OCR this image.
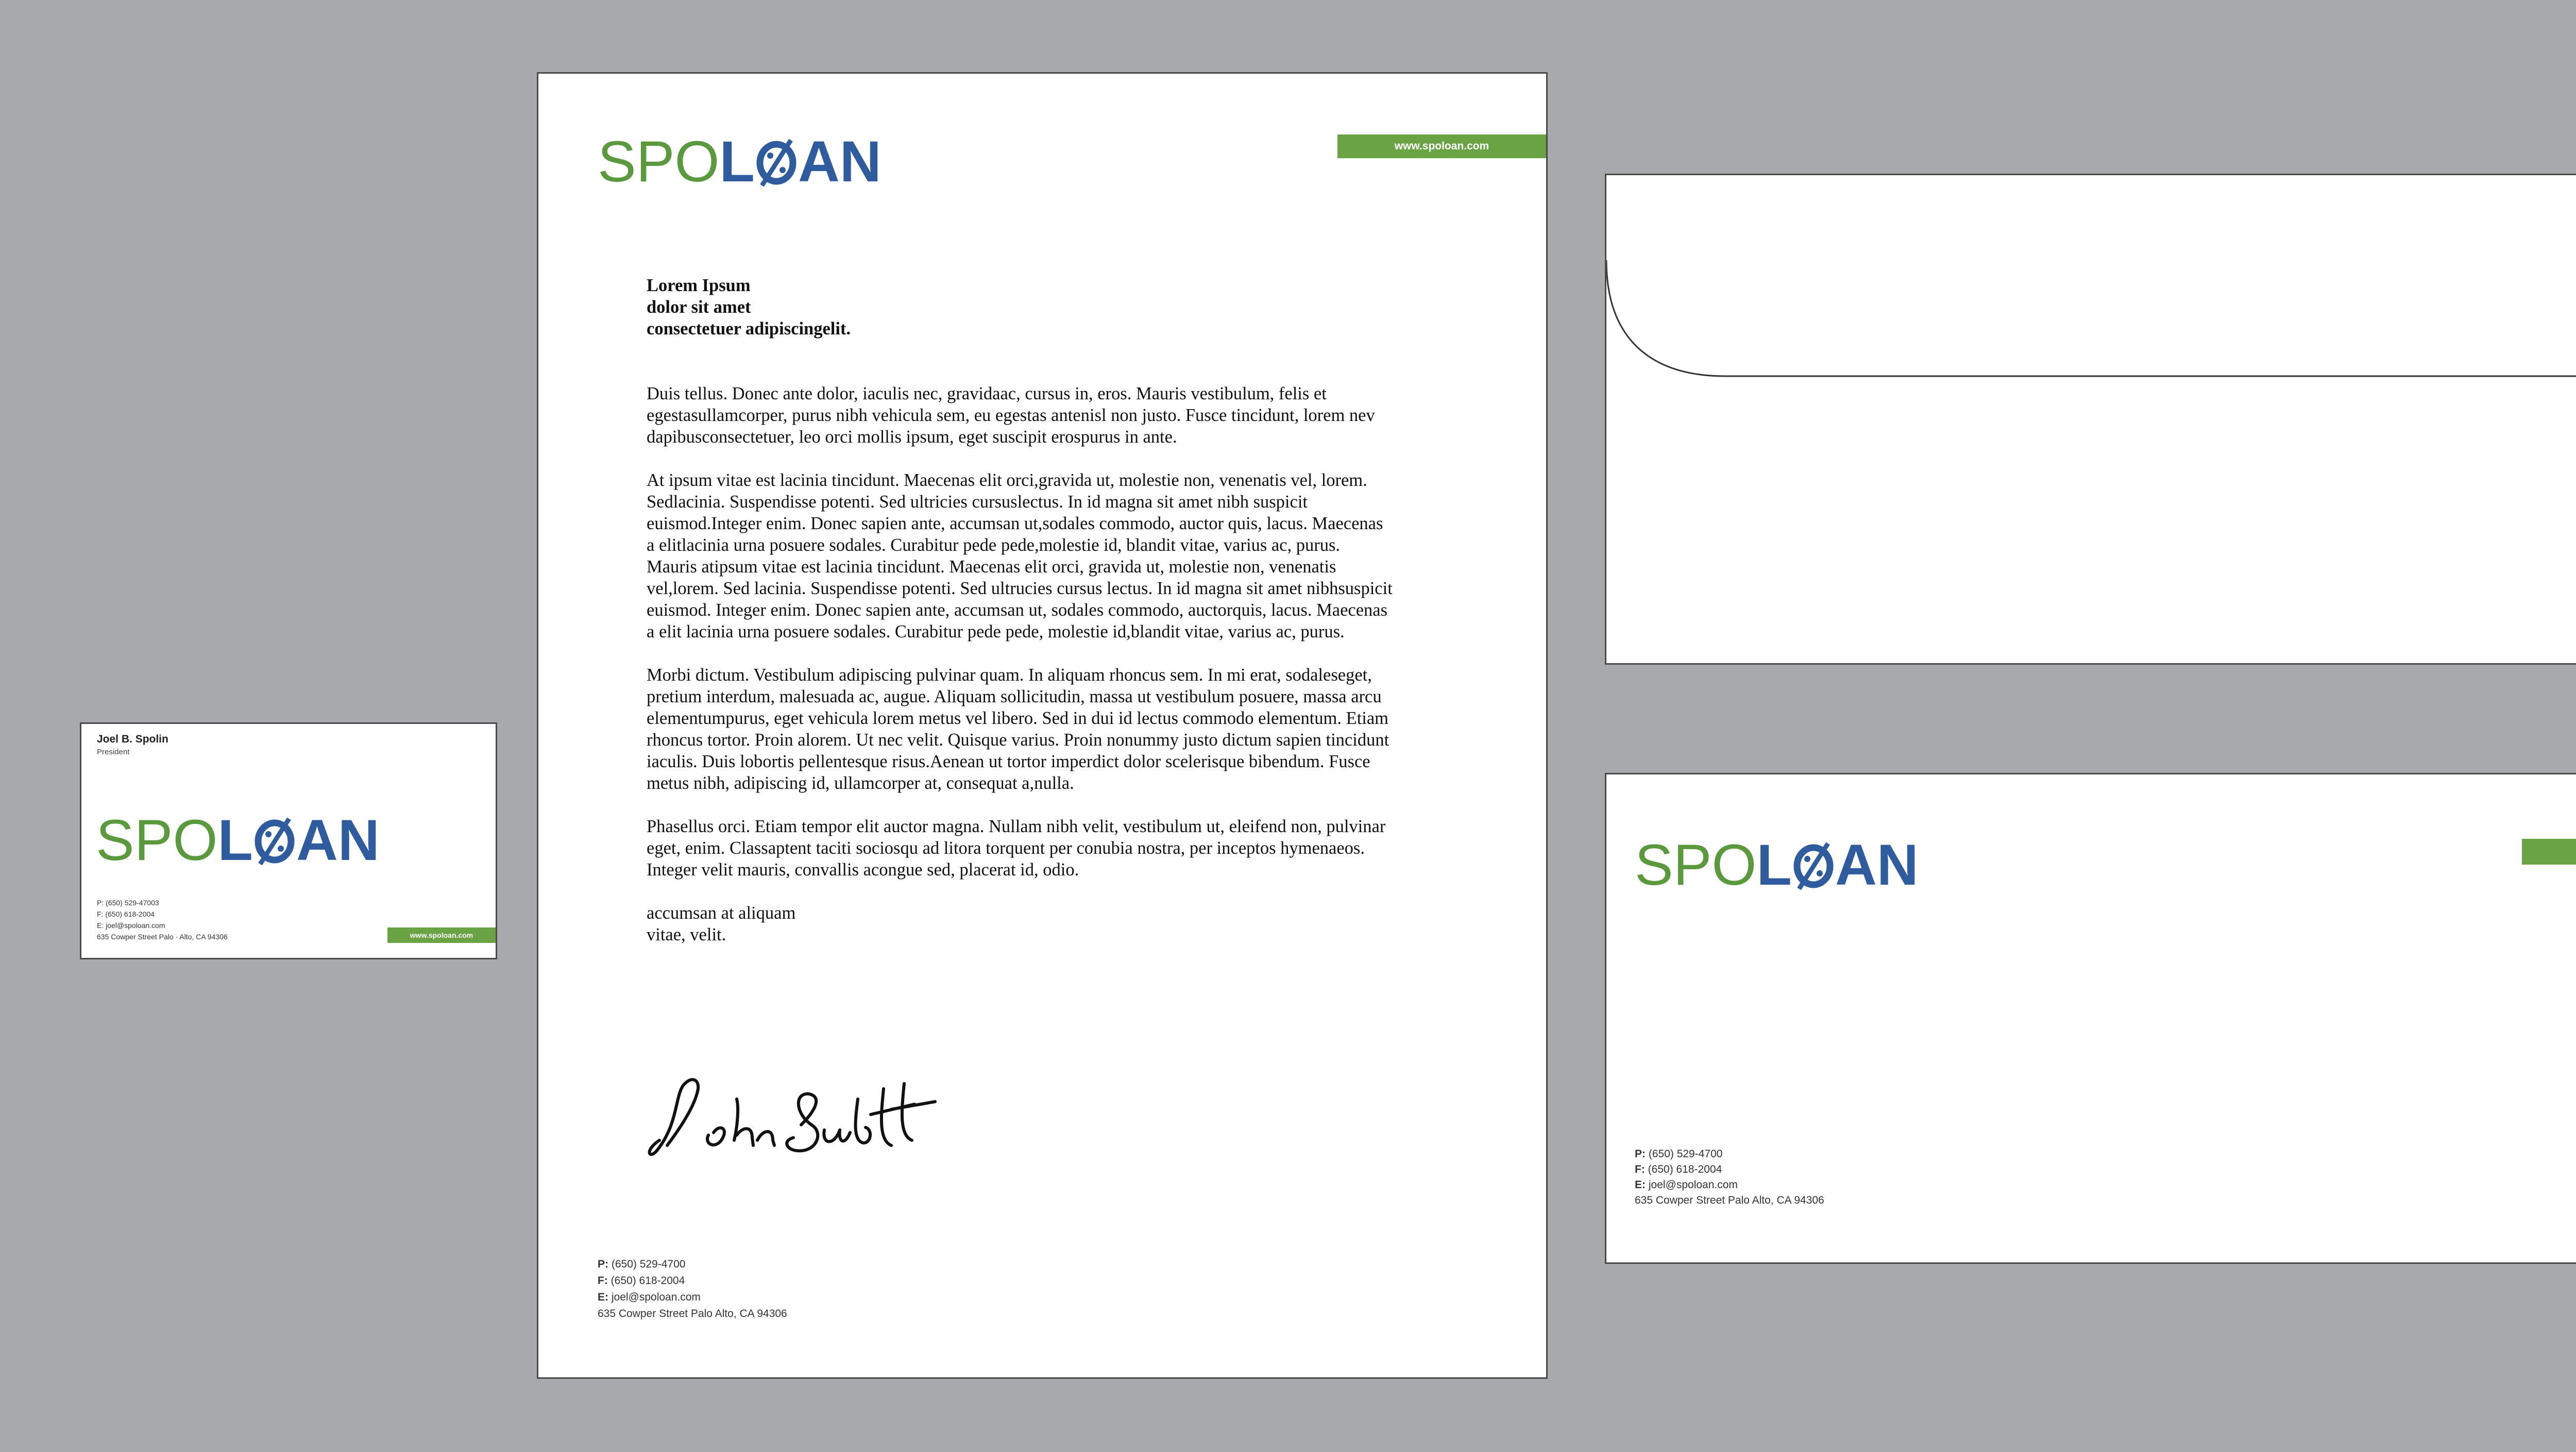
Joel B. Spolin
President
SPO L AN
P: (650) 529-47003
F: (650) 618-2004
E: joel@spoloan.com
635 Cowper Street Palo · Alto, CA 94306	www.spoloan.com
SPO L AN	www.spoloan.com
Lorem Ipsum
dolor sit amet
consectetuer adipiscingelit.

Duis tellus. Donec ante dolor, iaculis nec, gravidaac, cursus in, eros. Mauris vestibulum, felis et egestasullamcorper, purus nibh vehicula sem, eu egestas antenisl non justo. Fusce tincidunt, lorem nev dapibusconsectetuer, leo orci mollis ipsum, eget suscipit erospurus in ante.

At ipsum vitae est lacinia tincidunt. Maecenas elit orci,gravida ut, molestie non, venenatis vel, lorem. Sedlacinia. Suspendisse potenti. Sed ultricies cursuslectus. In id magna sit amet nibh suspicit euismod.Integer enim. Donec sapien ante, accumsan ut,sodales commodo, auctor quis, lacus. Maecenas a elitlacinia urna posuere sodales. Curabitur pede pede,molestie id, blandit vitae, varius ac, purus. Mauris atipsum vitae est lacinia tincidunt. Maecenas elit orci, gravida ut, molestie non, venenatis vel,lorem. Sed lacinia. Suspendisse potenti. Sed ultrucies cursus lectus. In id magna sit amet nibhsuspicit euismod. Integer enim. Donec sapien ante, accumsan ut, sodales commodo, auctorquis, lacus. Maecenas a elit lacinia urna posuere sodales. Curabitur pede pede, molestie id,blandit vitae, varius ac, purus.

Morbi dictum. Vestibulum adipiscing pulvinar quam. In aliquam rhoncus sem. In mi erat, sodaleseget, pretium interdum, malesuada ac, augue. Aliquam sollicitudin, massa ut vestibulum posuere, massa arcu elementumpurus, eget vehicula lorem metus vel libero. Sed in dui id lectus commodo elementum. Etiam rhoncus tortor. Proin alorem. Ut nec velit. Quisque varius. Proin nonummy justo dictum sapien tincidunt iaculis. Duis lobortis pellentesque risus.Aenean ut tortor imperdict dolor scelerisque bibendum. Fusce metus nibh, adipiscing id, ullamcorper at, consequat a,nulla.

Phasellus orci. Etiam tempor elit auctor magna. Nullam nibh velit, vestibulum ut, eleifend non, pulvinar eget, enim. Classaptent taciti sociosqu ad litora torquent per conubia nostra, per inceptos hymenaeos. Integer velit mauris, convallis acongue sed, placerat id, odio.

accumsan at aliquam
vitae, velit.
P: (650) 529-4700
F: (650) 618-2004
E: joel@spoloan.com
635 Cowper Street Palo Alto, CA 94306
SPO L AN
P: (650) 529-4700
F: (650) 618-2004
E: joel@spoloan.com
635 Cowper Street Palo Alto, CA 94306
